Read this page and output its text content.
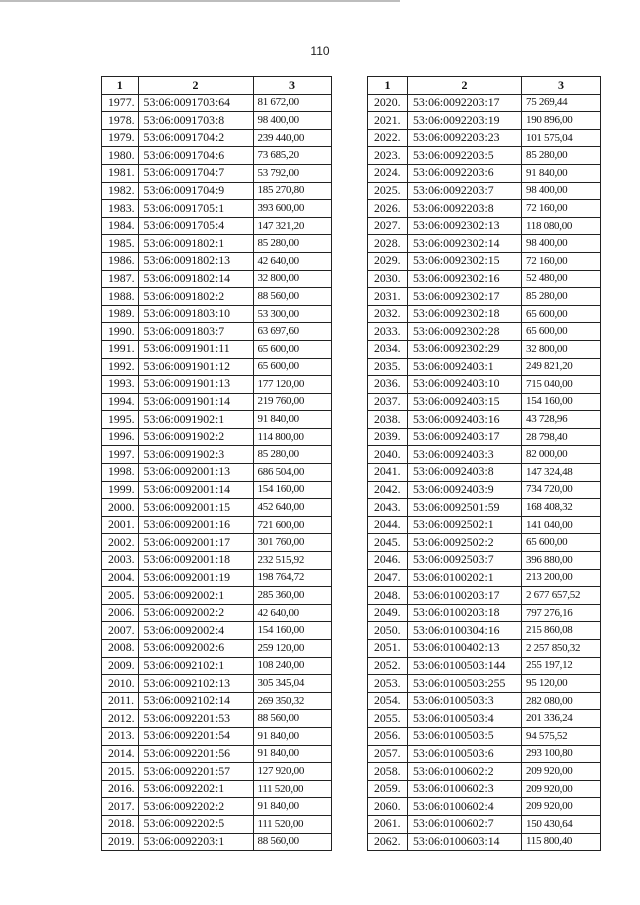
110
1	2	3
1977.	53:06:0091703:64	81 672,00
1978.	53:06:0091703:8	98 400,00
1979.	53:06:0091704:2	239 440,00
1980.	53:06:0091704:6	73 685,20
1981.	53:06:0091704:7	53 792,00
1982.	53:06:0091704:9	185 270,80
1983.	53:06:0091705:1	393 600,00
1984.	53:06:0091705:4	147 321,20
1985.	53:06:0091802:1	85 280,00
1986.	53:06:0091802:13	42 640,00
1987.	53:06:0091802:14	32 800,00
1988.	53:06:0091802:2	88 560,00
1989.	53:06:0091803:10	53 300,00
1990.	53:06:0091803:7	63 697,60
1991.	53:06:0091901:11	65 600,00
1992.	53:06:0091901:12	65 600,00
1993.	53:06:0091901:13	177 120,00
1994.	53:06:0091901:14	219 760,00
1995.	53:06:0091902:1	91 840,00
1996.	53:06:0091902:2	114 800,00
1997.	53:06:0091902:3	85 280,00
1998.	53:06:0092001:13	686 504,00
1999.	53:06:0092001:14	154 160,00
2000.	53:06:0092001:15	452 640,00
2001.	53:06:0092001:16	721 600,00
2002.	53:06:0092001:17	301 760,00
2003.	53:06:0092001:18	232 515,92
2004.	53:06:0092001:19	198 764,72
2005.	53:06:0092002:1	285 360,00
2006.	53:06:0092002:2	42 640,00
2007.	53:06:0092002:4	154 160,00
2008.	53:06:0092002:6	259 120,00
2009.	53:06:0092102:1	108 240,00
2010.	53:06:0092102:13	305 345,04
2011.	53:06:0092102:14	269 350,32
2012.	53:06:0092201:53	88 560,00
2013.	53:06:0092201:54	91 840,00
2014.	53:06:0092201:56	91 840,00
2015.	53:06:0092201:57	127 920,00
2016.	53:06:0092202:1	111 520,00
2017.	53:06:0092202:2	91 840,00
2018.	53:06:0092202:5	111 520,00
2019.	53:06:0092203:1	88 560,00
1	2	3
2020.	53:06:0092203:17	75 269,44
2021.	53:06:0092203:19	190 896,00
2022.	53:06:0092203:23	101 575,04
2023.	53:06:0092203:5	85 280,00
2024.	53:06:0092203:6	91 840,00
2025.	53:06:0092203:7	98 400,00
2026.	53:06:0092203:8	72 160,00
2027.	53:06:0092302:13	118 080,00
2028.	53:06:0092302:14	98 400,00
2029.	53:06:0092302:15	72 160,00
2030.	53:06:0092302:16	52 480,00
2031.	53:06:0092302:17	85 280,00
2032.	53:06:0092302:18	65 600,00
2033.	53:06:0092302:28	65 600,00
2034.	53:06:0092302:29	32 800,00
2035.	53:06:0092403:1	249 821,20
2036.	53:06:0092403:10	715 040,00
2037.	53:06:0092403:15	154 160,00
2038.	53:06:0092403:16	43 728,96
2039.	53:06:0092403:17	28 798,40
2040.	53:06:0092403:3	82 000,00
2041.	53:06:0092403:8	147 324,48
2042.	53:06:0092403:9	734 720,00
2043.	53:06:0092501:59	168 408,32
2044.	53:06:0092502:1	141 040,00
2045.	53:06:0092502:2	65 600,00
2046.	53:06:0092503:7	396 880,00
2047.	53:06:0100202:1	213 200,00
2048.	53:06:0100203:17	2 677 657,52
2049.	53:06:0100203:18	797 276,16
2050.	53:06:0100304:16	215 860,08
2051.	53:06:0100402:13	2 257 850,32
2052.	53:06:0100503:144	255 197,12
2053.	53:06:0100503:255	95 120,00
2054.	53:06:0100503:3	282 080,00
2055.	53:06:0100503:4	201 336,24
2056.	53:06:0100503:5	94 575,52
2057.	53:06:0100503:6	293 100,80
2058.	53:06:0100602:2	209 920,00
2059.	53:06:0100602:3	209 920,00
2060.	53:06:0100602:4	209 920,00
2061.	53:06:0100602:7	150 430,64
2062.	53:06:0100603:14	115 800,40
